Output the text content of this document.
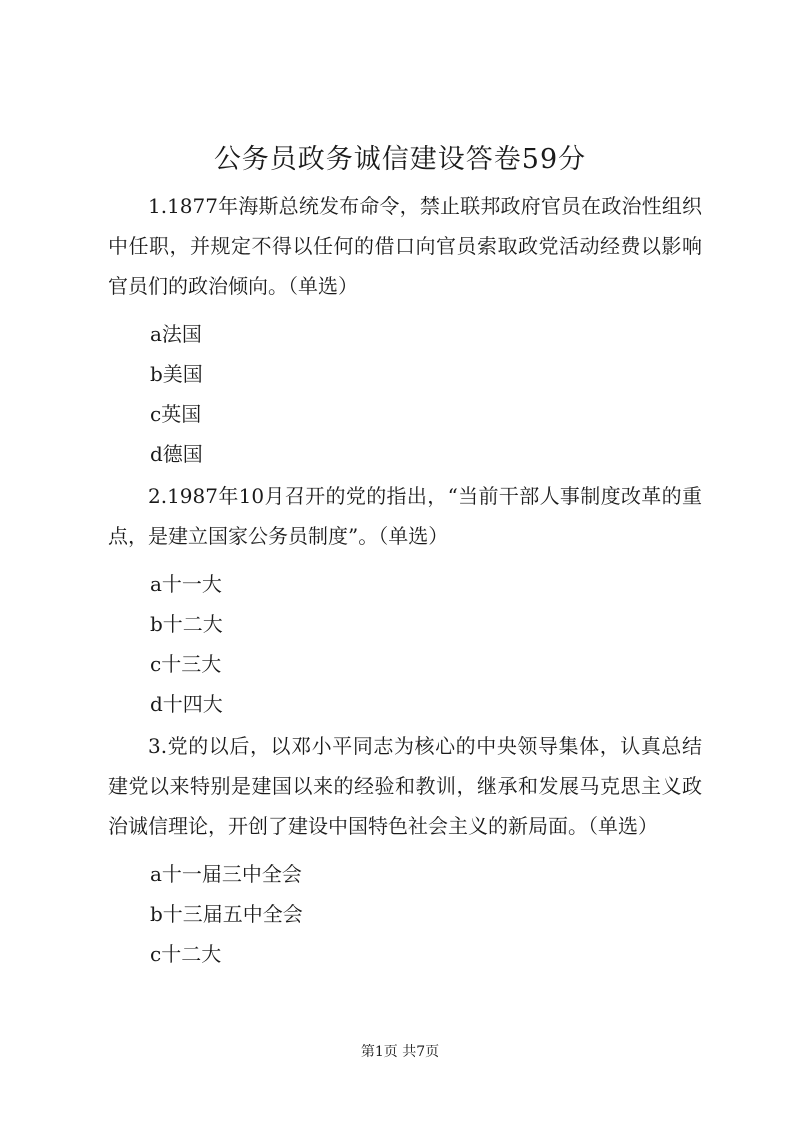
公务员政务诚信建设答卷59分

1.1877年海斯总统发布命令，禁止联邦政府官员在政治性组织中任职，并规定不得以任何的借口向官员索取政党活动经费以影响官员们的政治倾向。（单选）

a法国

b美国

c英国

d德国

2.1987年10月召开的党的指出，“当前干部人事制度改革的重点，是建立国家公务员制度”。（单选）

a十一大

b十二大

c十三大

d十四大

3.党的以后，以邓小平同志为核心的中央领导集体，认真总结建党以来特别是建国以来的经验和教训，继承和发展马克思主义政治诚信理论，开创了建设中国特色社会主义的新局面。（单选）

a十一届三中全会

b十三届五中全会

c十二大

第1页 共7页
